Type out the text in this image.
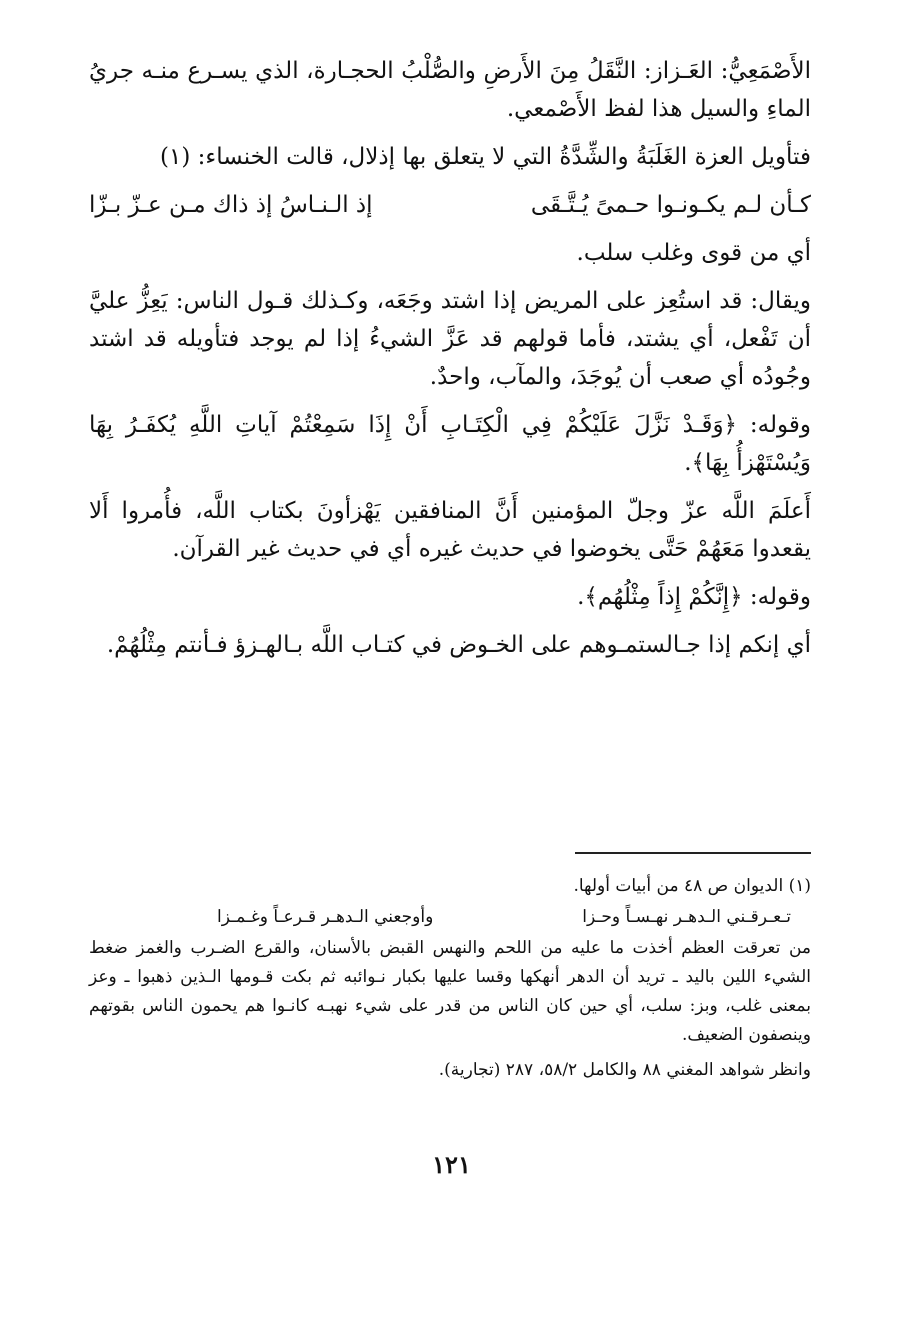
الأَصْمَعِيُّ: العَـزاز: النَّقَلُ مِنَ الأَرضِ والصُّلْبُ الحجـارة، الذي يسـرع منـه جريُ الماءِ والسيل هذا لفظ الأَصْمعي.

فتأويل العزة الغَلَبَةُ والشِّدَّةُ التي لا يتعلق بها إذلال، قالت الخنساء: (١)

كـأن لـم يكـونـوا حـمىً يُـتَّـقَى
إذ الـنـاسُ إذ ذاك مـن عـزّ بـزّا

أي من قوى وغلب سلب.

ويقال: قد استُعِز على المريض إذا اشتد وجَعَه، وكـذلك قـول الناس: يَعِزُّ عليَّ أن تَفْعل، أي يشتد، فأما قولهم قد عَزَّ الشيءُ إذا لم يوجد فتأويله قد اشتد وجُودُه أي صعب أن يُوجَدَ، والمآب، واحدٌ.

وقوله: ﴿وَقَـدْ نَزَّلَ عَلَيْكُمْ فِي الْكِتَـابِ أَنْ إِذَا سَمِعْتُمْ آياتِ اللَّهِ يُكفَـرُ بِهَا وَيُسْتَهْزأُ بِهَا﴾.

أَعلَمَ اللَّه عزّ وجلّ المؤمنين أَنَّ المنافقين يَهْزأونَ بكتاب اللَّه، فأُمروا أَلا يقعدوا مَعَهُمْ حَتَّى يخوضوا في حديث غيره أي في حديث غير القرآن.

وقوله: ﴿إِنَّكُمْ إِذاً مِثْلُهُم﴾.

أي إنكم إذا جـالستمـوهم على الخـوض في كتـاب اللَّه بـالهـزؤ فـأنتم مِثْلُهُمْ.

(١) الديوان ص ٤٨ من أبيات أولها.

تـعـرقـني الـدهـر نهـسـاً وحـزا
وأوجعني الـدهـر قـرعـاً وغـمـزا

من تعرقت العظم أخذت ما عليه من اللحم والنهس القبض بالأسنان، والقرع الضـرب والغمز ضغط الشيء اللين باليد ـ تريد أن الدهر أنهكها وقسا عليها بكبار نـوائبه ثم بكت قـومها الـذين ذهبوا ـ وعز بمعنى غلب، وبز: سلب، أي حين كان الناس من قدر على شيء نهبـه كانـوا هم يحمون الناس بقوتهم وينصفون الضعيف.

وانظر شواهد المغني ٨٨ والكامل ٥٨/٢، ٢٨٧ (تجارية).

١٢١
